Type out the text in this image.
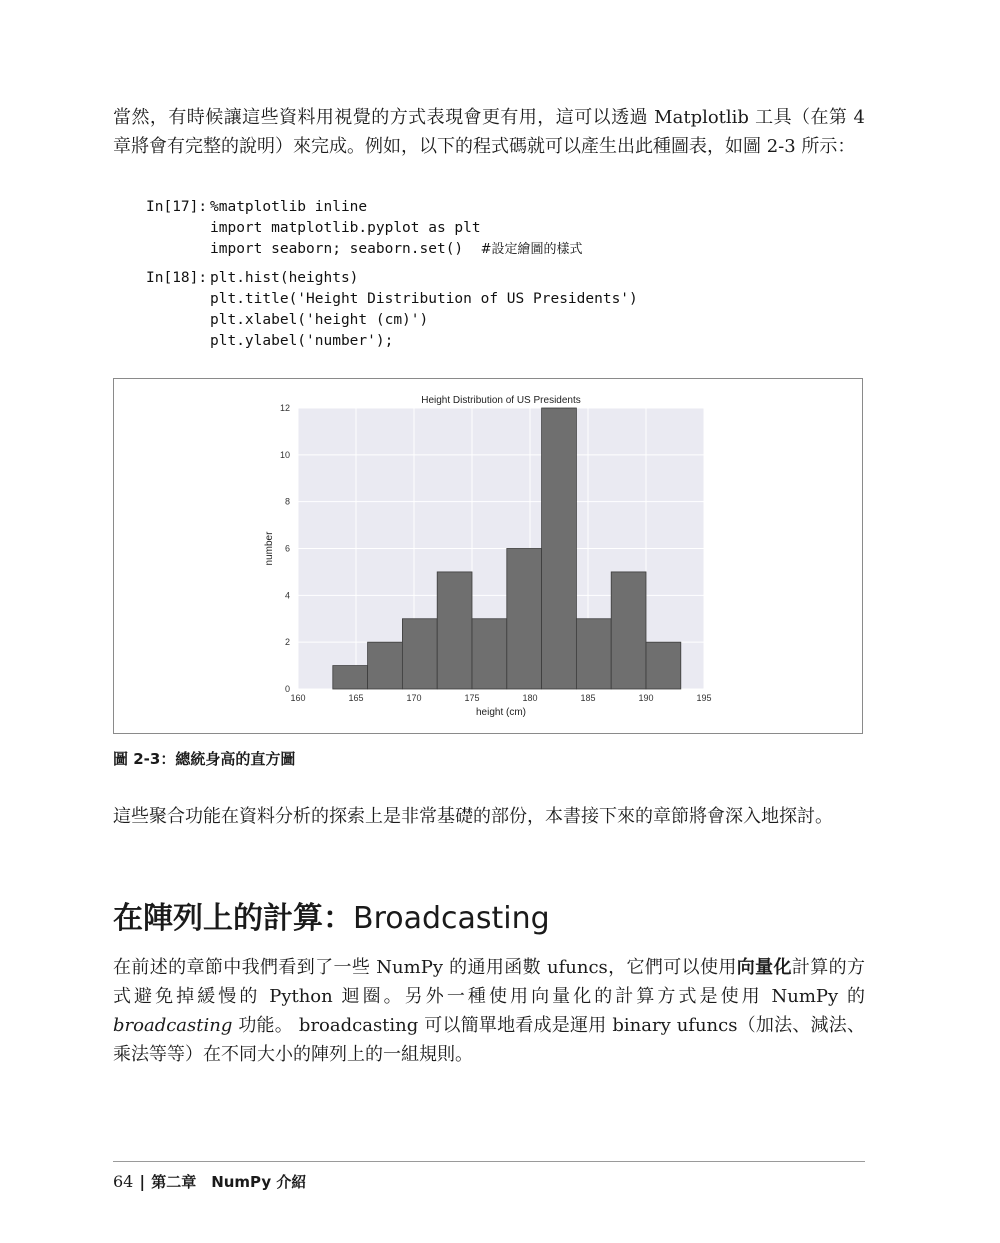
當然，有時候讓這些資料用視覺的方式表現會更有用，這可以透過 Matplotlib 工具（在第 4 章將會有完整的說明）來完成。例如，以下的程式碼就可以產生出此種圖表，如圖 2-3 所示：

In[17]: %matplotlib inline
import matplotlib.pyplot as plt
import seaborn; seaborn.set() #設定繪圖的樣式
In[18]: plt.hist(heights)
plt.title('Height Distribution of US Presidents')
plt.xlabel('height (cm)')
plt.ylabel('number');
160	165	170	175	180	185	190	195
0
2
4
6
8
10
12
Height Distribution of US Presidents
height (cm)
number

圖 2-3：總統身高的直方圖

這些聚合功能在資料分析的探索上是非常基礎的部份，本書接下來的章節將會深入地探討。

在陣列上的計算：Broadcasting

在前述的章節中我們看到了一些 NumPy 的通用函數 ufuncs，它們可以使用向量化計算的方式避免掉緩慢的 Python 迴圈。另外一種使用向量化的計算方式是使用 NumPy 的 broadcasting 功能。 broadcasting 可以簡單地看成是運用 binary ufuncs（加法、減法、乘法等等）在不同大小的陣列上的一組規則。

64 | 第二章　NumPy 介紹
